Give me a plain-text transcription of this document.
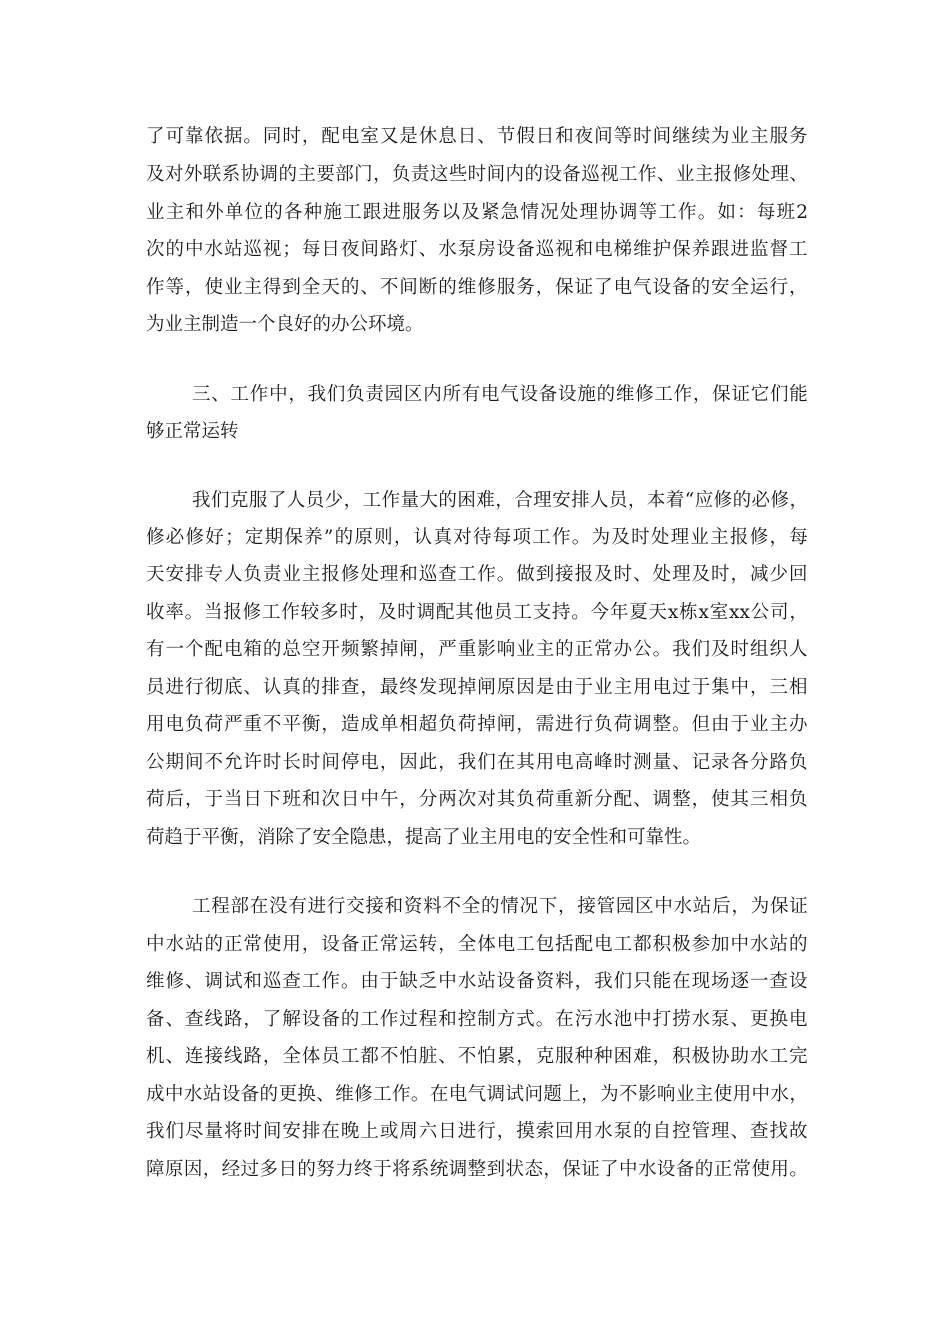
了 可 靠 依 据 。 同 时 ， 配 电 室 又 是 休 息 日 、 节 假 日 和 夜 间 等 时 间 继 续 为 业 主 服 务
及 对 外 联 系 协 调 的 主 要 部 门 ， 负 责 这 些 时 间 内 的 设 备 巡 视 工 作 、 业 主 报 修 处 理 、
业 主 和 外 单 位 的 各 种 施 工 跟 进 服 务 以 及 紧 急 情 况 处 理 协 调 等 工 作 。 如 ： 每 班 2
次 的 中 水 站 巡 视 ； 每 日 夜 间 路 灯 、 水 泵 房 设 备 巡 视 和 电 梯 维 护 保 养 跟 进 监 督 工
作 等 ， 使 业 主 得 到 全 天 的 、 不 间 断 的 维 修 服 务 ， 保 证 了 电 气 设 备 的 安 全 运 行 ，
为业主制造一个良好的办公环境。
三 、 工 作 中 ， 我 们 负 责 园 区 内 所 有 电 气 设 备 设 施 的 维 修 工 作 ， 保 证 它 们 能
够正常运转
我 们 克 服 了 人 员 少 ， 工 作 量 大 的 困 难 ， 合 理 安 排 人 员 ， 本 着 “ 应 修 的 必 修 ，
修 必 修 好 ； 定 期 保 养 ” 的 原 则 ， 认 真 对 待 每 项 工 作 。 为 及 时 处 理 业 主 报 修 ， 每
天 安 排 专 人 负 责 业 主 报 修 处 理 和 巡 查 工 作 。 做 到 接 报 及 时 、 处 理 及 时 ， 减 少 回
收 率 。 当 报 修 工 作 较 多 时 ， 及 时 调 配 其 他 员 工 支 持 。 今 年 夏 天 x 栋 x 室 xx 公 司 ，
有 一 个 配 电 箱 的 总 空 开 频 繁 掉 闸 ， 严 重 影 响 业 主 的 正 常 办 公 。 我 们 及 时 组 织 人
员 进 行 彻 底 、 认 真 的 排 查 ， 最 终 发 现 掉 闸 原 因 是 由 于 业 主 用 电 过 于 集 中 ， 三 相
用 电 负 荷 严 重 不 平 衡 ， 造 成 单 相 超 负 荷 掉 闸 ， 需 进 行 负 荷 调 整 。 但 由 于 业 主 办
公 期 间 不 允 许 时 长 时 间 停 电 ， 因 此 ， 我 们 在 其 用 电 高 峰 时 测 量 、 记 录 各 分 路 负
荷 后 ， 于 当 日 下 班 和 次 日 中 午 ， 分 两 次 对 其 负 荷 重 新 分 配 、 调 整 ， 使 其 三 相 负
荷趋于平衡，消除了安全隐患，提高了业主用电的安全性和可靠性。
工 程 部 在 没 有 进 行 交 接 和 资 料 不 全 的 情 况 下 ， 接 管 园 区 中 水 站 后 ， 为 保 证
中 水 站 的 正 常 使 用 ， 设 备 正 常 运 转 ， 全 体 电 工 包 括 配 电 工 都 积 极 参 加 中 水 站 的
维 修 、 调 试 和 巡 查 工 作 。 由 于 缺 乏 中 水 站 设 备 资 料 ， 我 们 只 能 在 现 场 逐 一 查 设
备 、 查 线 路 ， 了 解 设 备 的 工 作 过 程 和 控 制 方 式 。 在 污 水 池 中 打 捞 水 泵 、 更 换 电
机 、 连 接 线 路 ， 全 体 员 工 都 不 怕 脏 、 不 怕 累 ， 克 服 种 种 困 难 ， 积 极 协 助 水 工 完
成 中 水 站 设 备 的 更 换 、 维 修 工 作 。 在 电 气 调 试 问 题 上 ， 为 不 影 响 业 主 使 用 中 水 ，
我 们 尽 量 将 时 间 安 排 在 晚 上 或 周 六 日 进 行 ， 摸 索 回 用 水 泵 的 自 控 管 理 、 查 找 故
障 原 因 ， 经 过 多 日 的 努 力 终 于 将 系 统 调 整 到 状 态 ， 保 证 了 中 水 设 备 的 正 常 使 用 。
